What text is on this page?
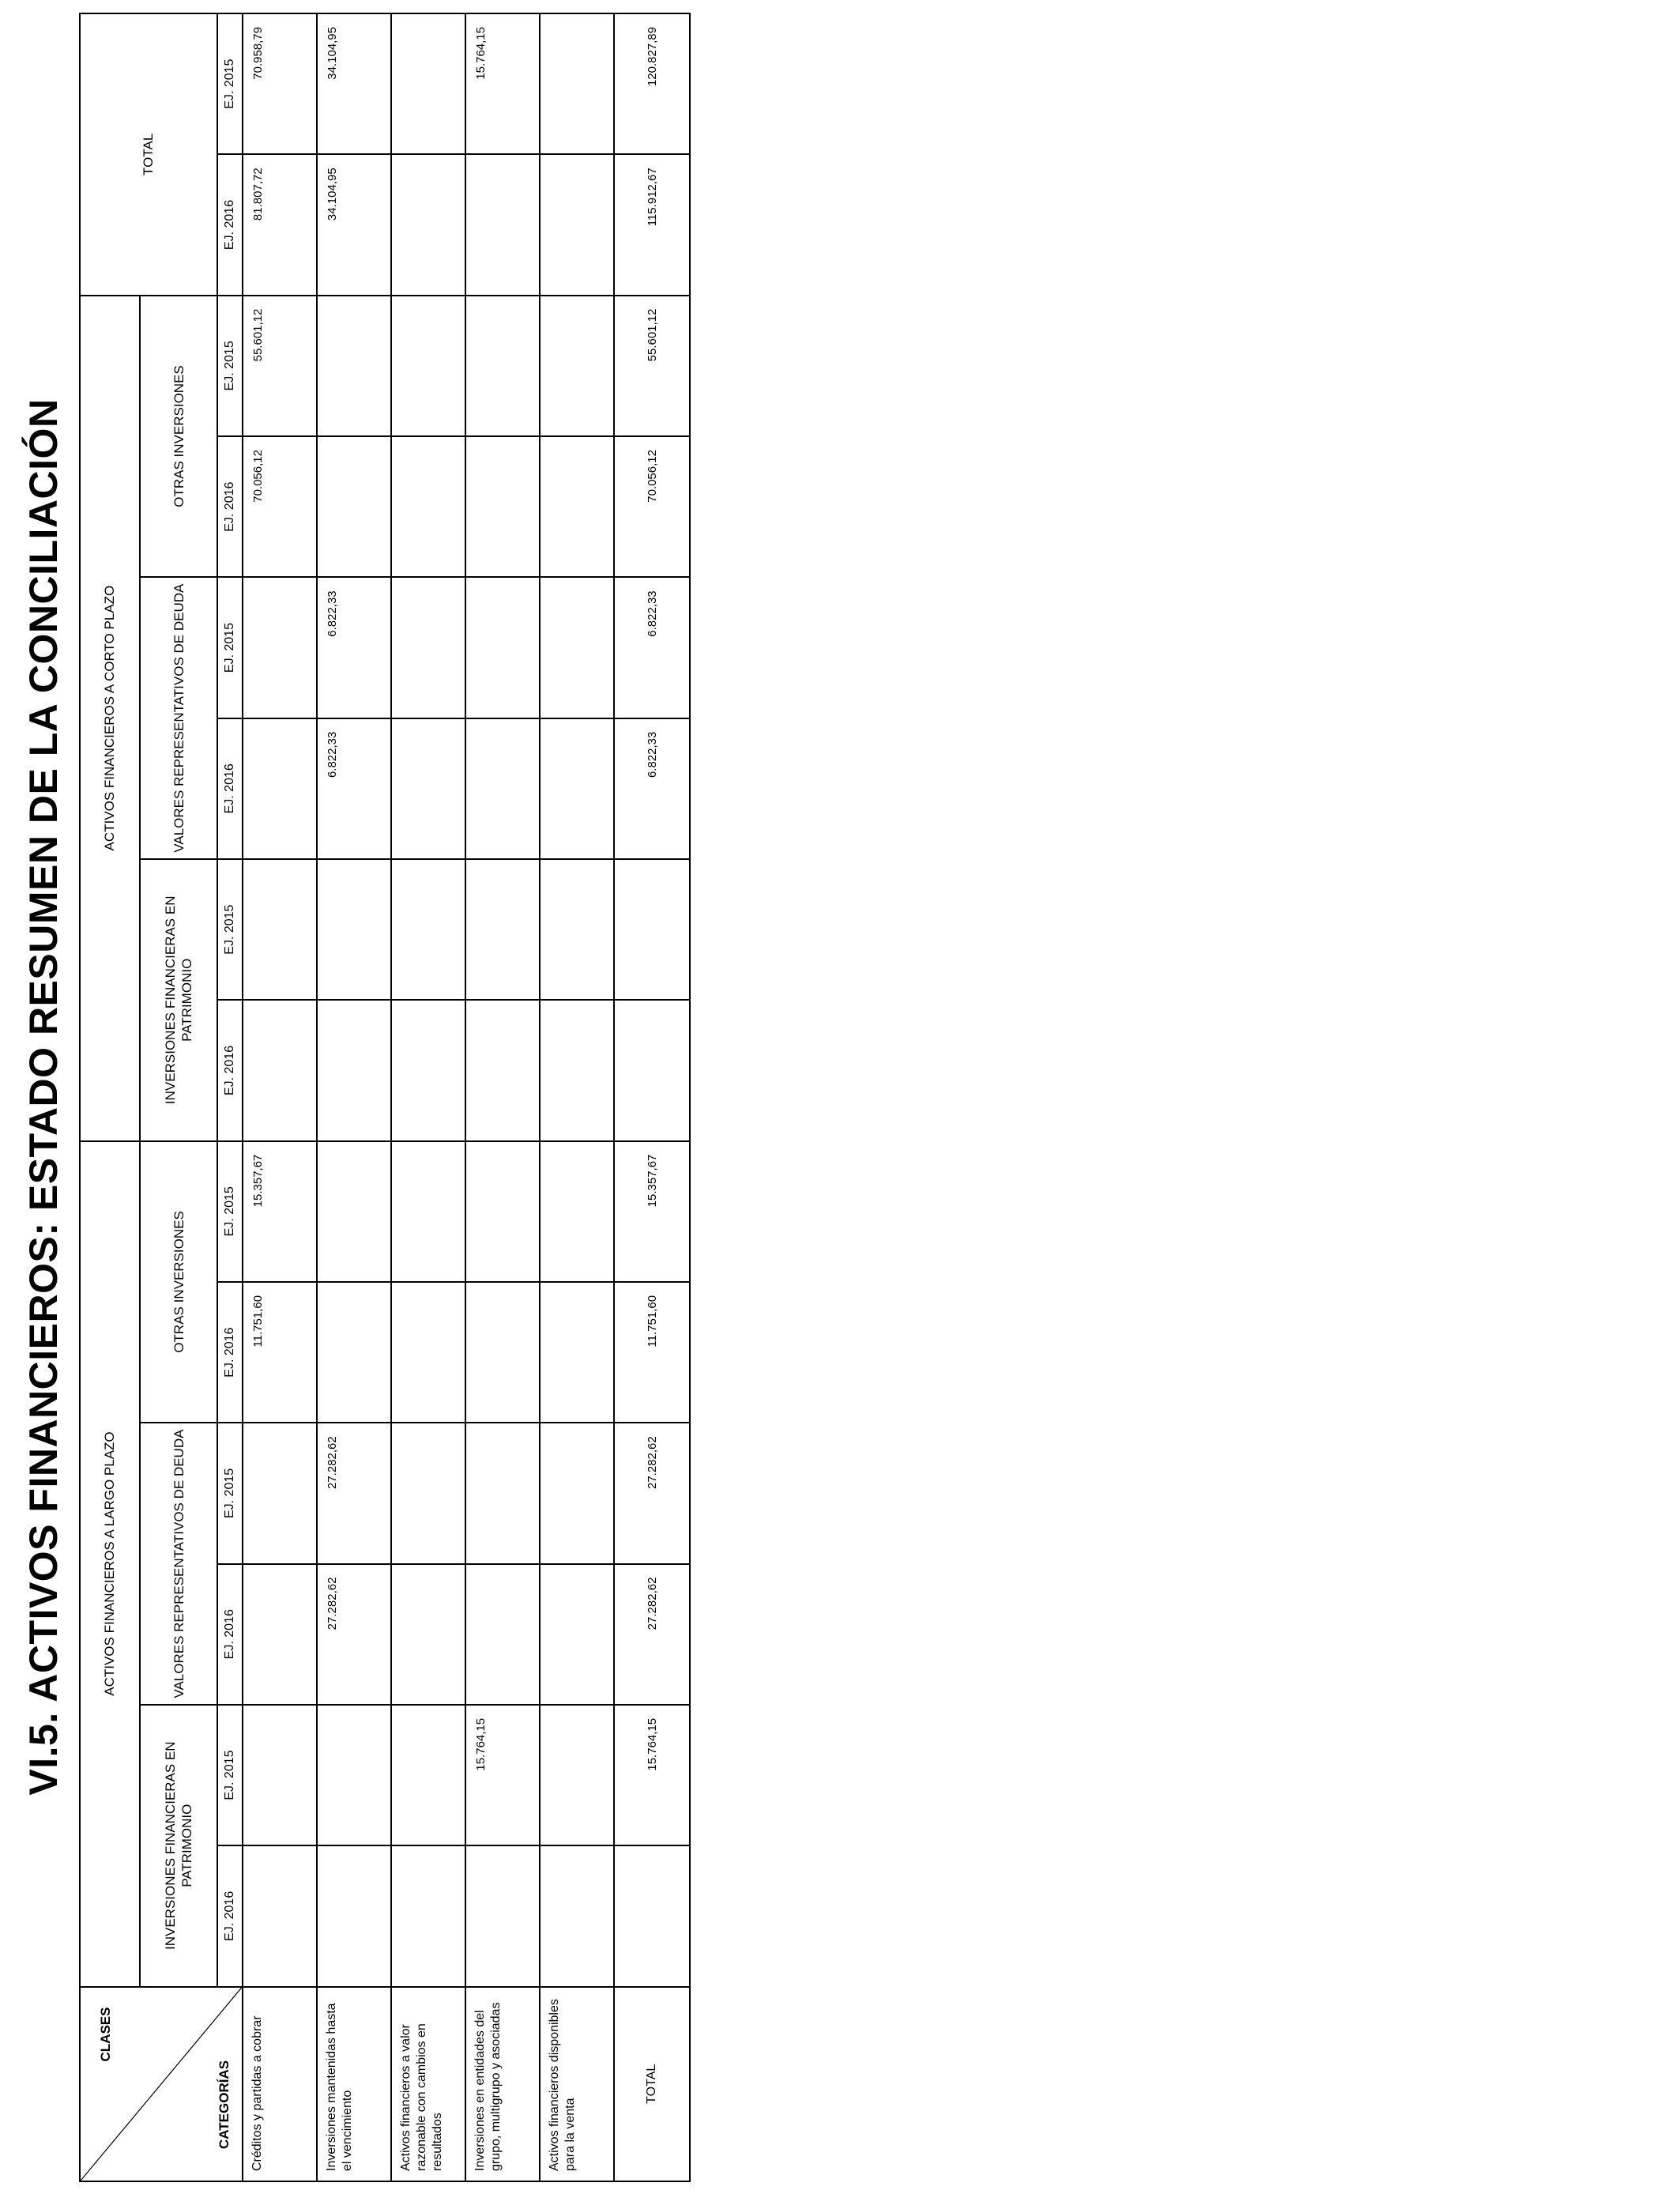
VI.5. ACTIVOS FINANCIEROS: ESTADO RESUMEN DE LA CONCILIACIÓN
CLASES
CATEGORÍAS	ACTIVOS FINANCIEROS A LARGO PLAZO						ACTIVOS FINANCIEROS A CORTO PLAZO						TOTAL	
	INVERSIONES FINANCIERAS EN PATRIMONIO		VALORES REPRESENTATIVOS DE DEUDA		OTRAS INVERSIONES		INVERSIONES FINANCIERAS EN PATRIMONIO		VALORES REPRESENTATIVOS DE DEUDA		OTRAS INVERSIONES			
	EJ. 2016	EJ. 2015	EJ. 2016	EJ. 2015	EJ. 2016	EJ. 2015	EJ. 2016	EJ. 2015	EJ. 2016	EJ. 2015	EJ. 2016	EJ. 2015	EJ. 2016	EJ. 2015
Créditos y partidas a cobrar					11.751,60	15.357,67					70.056,12	55.601,12	81.807,72	70.958,79
Inversiones mantenidas hasta el vencimiento			27.282,62	27.282,62					6.822,33	6.822,33			34.104,95	34.104,95
Activos financieros a valor razonable con cambios en resultados														
Inversiones en entidades del grupo, multigrupo y asociadas		15.764,15												15.764,15
Activos financieros disponibles para la venta														
TOTAL		15.764,15	27.282,62	27.282,62	11.751,60	15.357,67			6.822,33	6.822,33	70.056,12	55.601,12	115.912,67	120.827,89
